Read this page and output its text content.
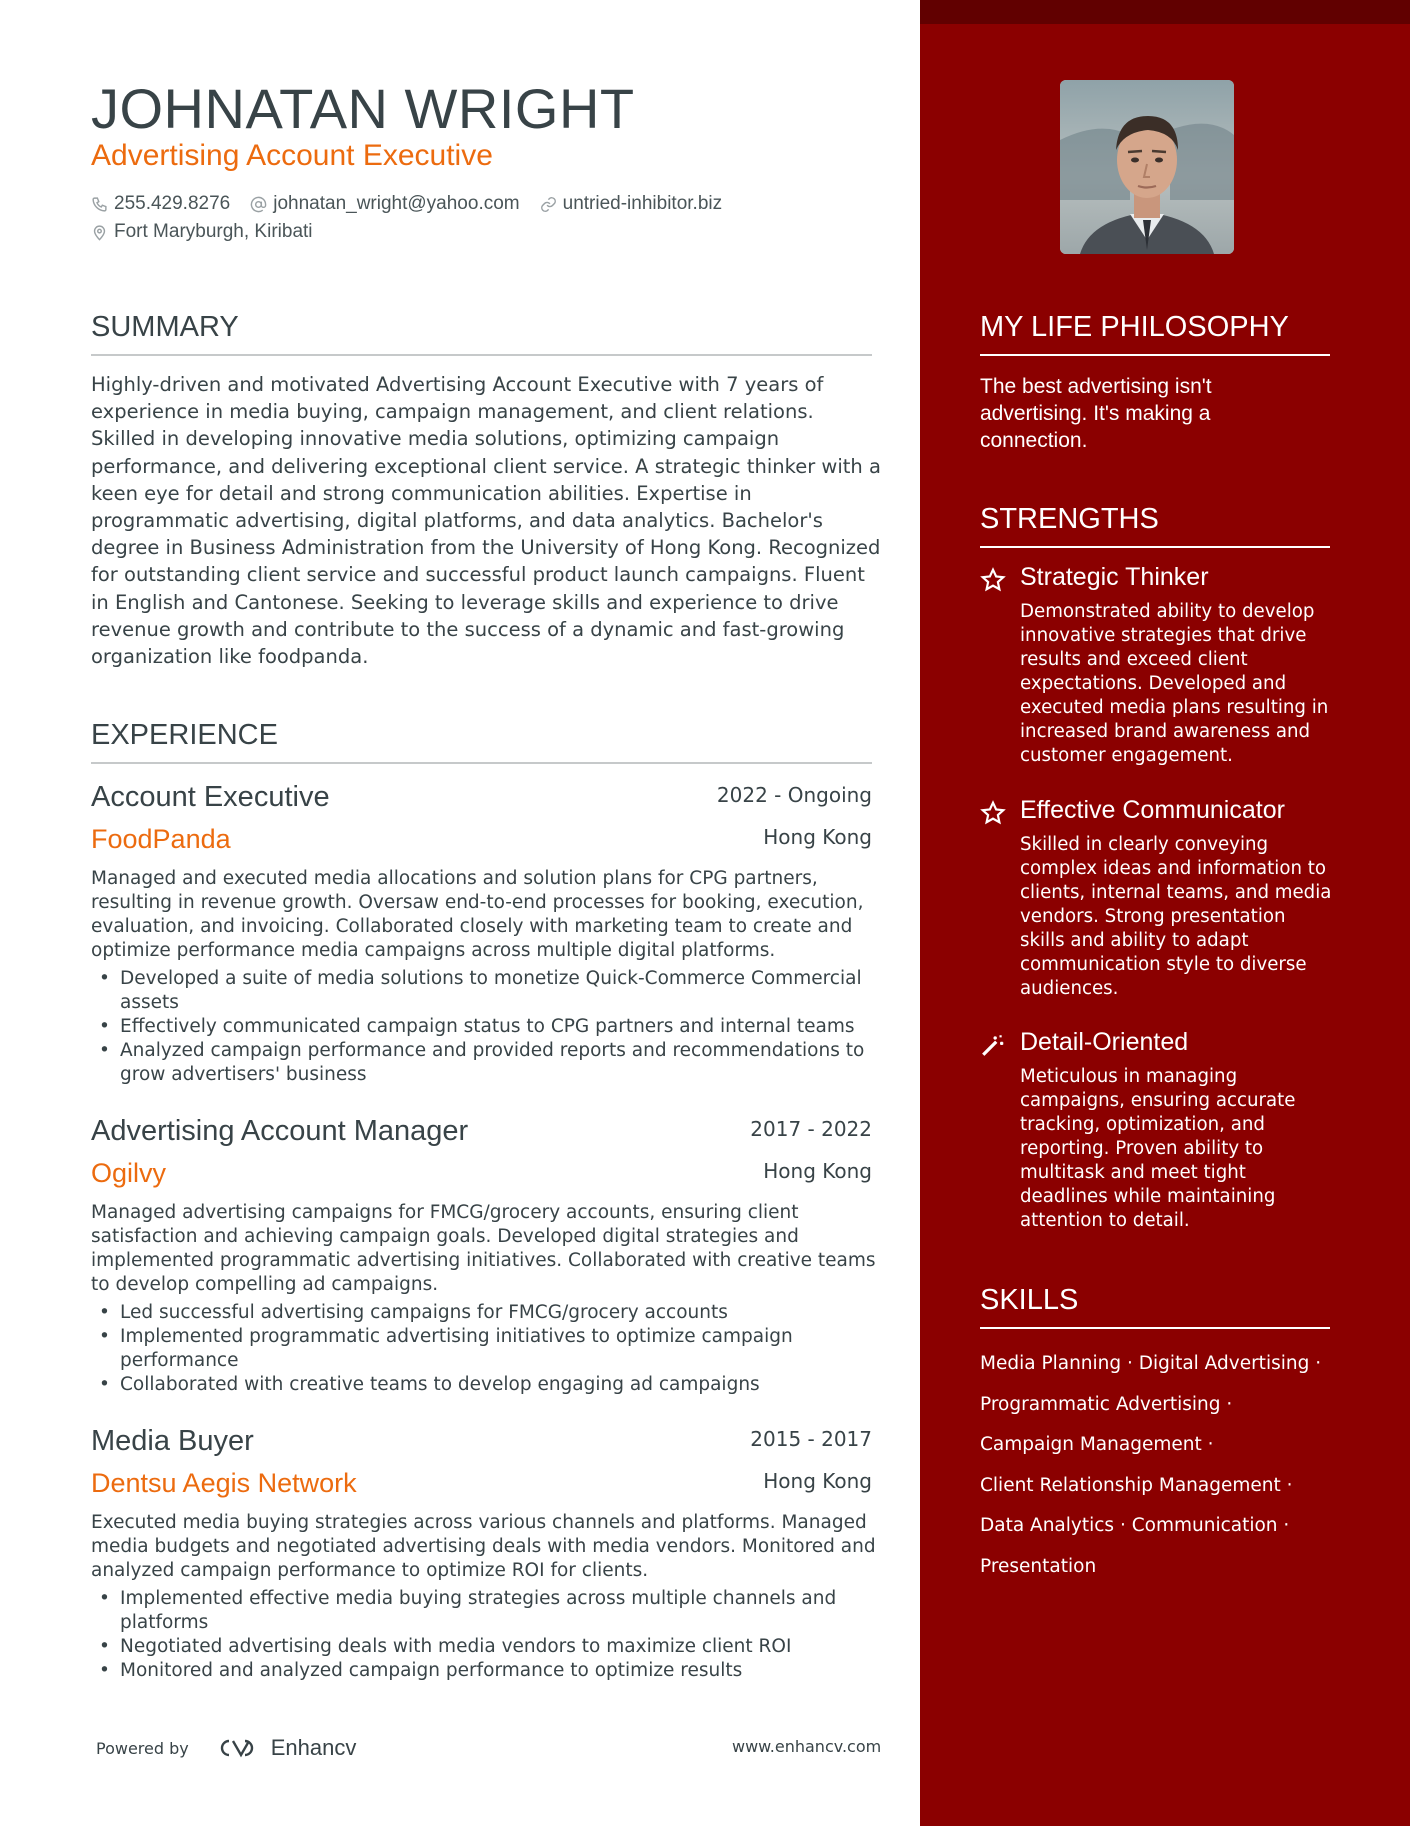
JOHNATAN WRIGHT
Advertising Account Executive
255.429.8276 johnatan_wright@yahoo.com untried-inhibitor.biz
Fort Maryburgh, Kiribati
SUMMARY
Highly-driven and motivated Advertising Account Executive with 7 years of experience in media buying, campaign management, and client relations. Skilled in developing innovative media solutions, optimizing campaign performance, and delivering exceptional client service. A strategic thinker with a keen eye for detail and strong communication abilities. Expertise in programmatic advertising, digital platforms, and data analytics. Bachelor's degree in Business Administration from the University of Hong Kong. Recognized for outstanding client service and successful product launch campaigns. Fluent in English and Cantonese. Seeking to leverage skills and experience to drive revenue growth and contribute to the success of a dynamic and fast-growing organization like foodpanda.
EXPERIENCE
Account Executive	2022 - Ongoing
FoodPanda	Hong Kong
Managed and executed media allocations and solution plans for CPG partners, resulting in revenue growth. Oversaw end-to-end processes for booking, execution, evaluation, and invoicing. Collaborated closely with marketing team to create and optimize performance media campaigns across multiple digital platforms.
• Developed a suite of media solutions to monetize Quick-Commerce Commercial assets
• Effectively communicated campaign status to CPG partners and internal teams
• Analyzed campaign performance and provided reports and recommendations to grow advertisers' business
Advertising Account Manager	2017 - 2022
Ogilvy	Hong Kong
Managed advertising campaigns for FMCG/grocery accounts, ensuring client satisfaction and achieving campaign goals. Developed digital strategies and implemented programmatic advertising initiatives. Collaborated with creative teams to develop compelling ad campaigns.
• Led successful advertising campaigns for FMCG/grocery accounts
• Implemented programmatic advertising initiatives to optimize campaign performance
• Collaborated with creative teams to develop engaging ad campaigns
Media Buyer	2015 - 2017
Dentsu Aegis Network	Hong Kong
Executed media buying strategies across various channels and platforms. Managed media budgets and negotiated advertising deals with media vendors. Monitored and analyzed campaign performance to optimize ROI for clients.
• Implemented effective media buying strategies across multiple channels and platforms
• Negotiated advertising deals with media vendors to maximize client ROI
• Monitored and analyzed campaign performance to optimize results
Powered by	Enhancv	www.enhancv.com
MY LIFE PHILOSOPHY
The best advertising isn't advertising. It's making a connection.
STRENGTHS
Strategic Thinker
Demonstrated ability to develop innovative strategies that drive results and exceed client expectations. Developed and executed media plans resulting in increased brand awareness and customer engagement.
Effective Communicator
Skilled in clearly conveying complex ideas and information to clients, internal teams, and media vendors. Strong presentation skills and ability to adapt communication style to diverse audiences.
Detail-Oriented
Meticulous in managing campaigns, ensuring accurate tracking, optimization, and reporting. Proven ability to multitask and meet tight deadlines while maintaining attention to detail.
SKILLS
Media Planning · Digital Advertising ·
Programmatic Advertising ·
Campaign Management ·
Client Relationship Management ·
Data Analytics · Communication ·
Presentation
